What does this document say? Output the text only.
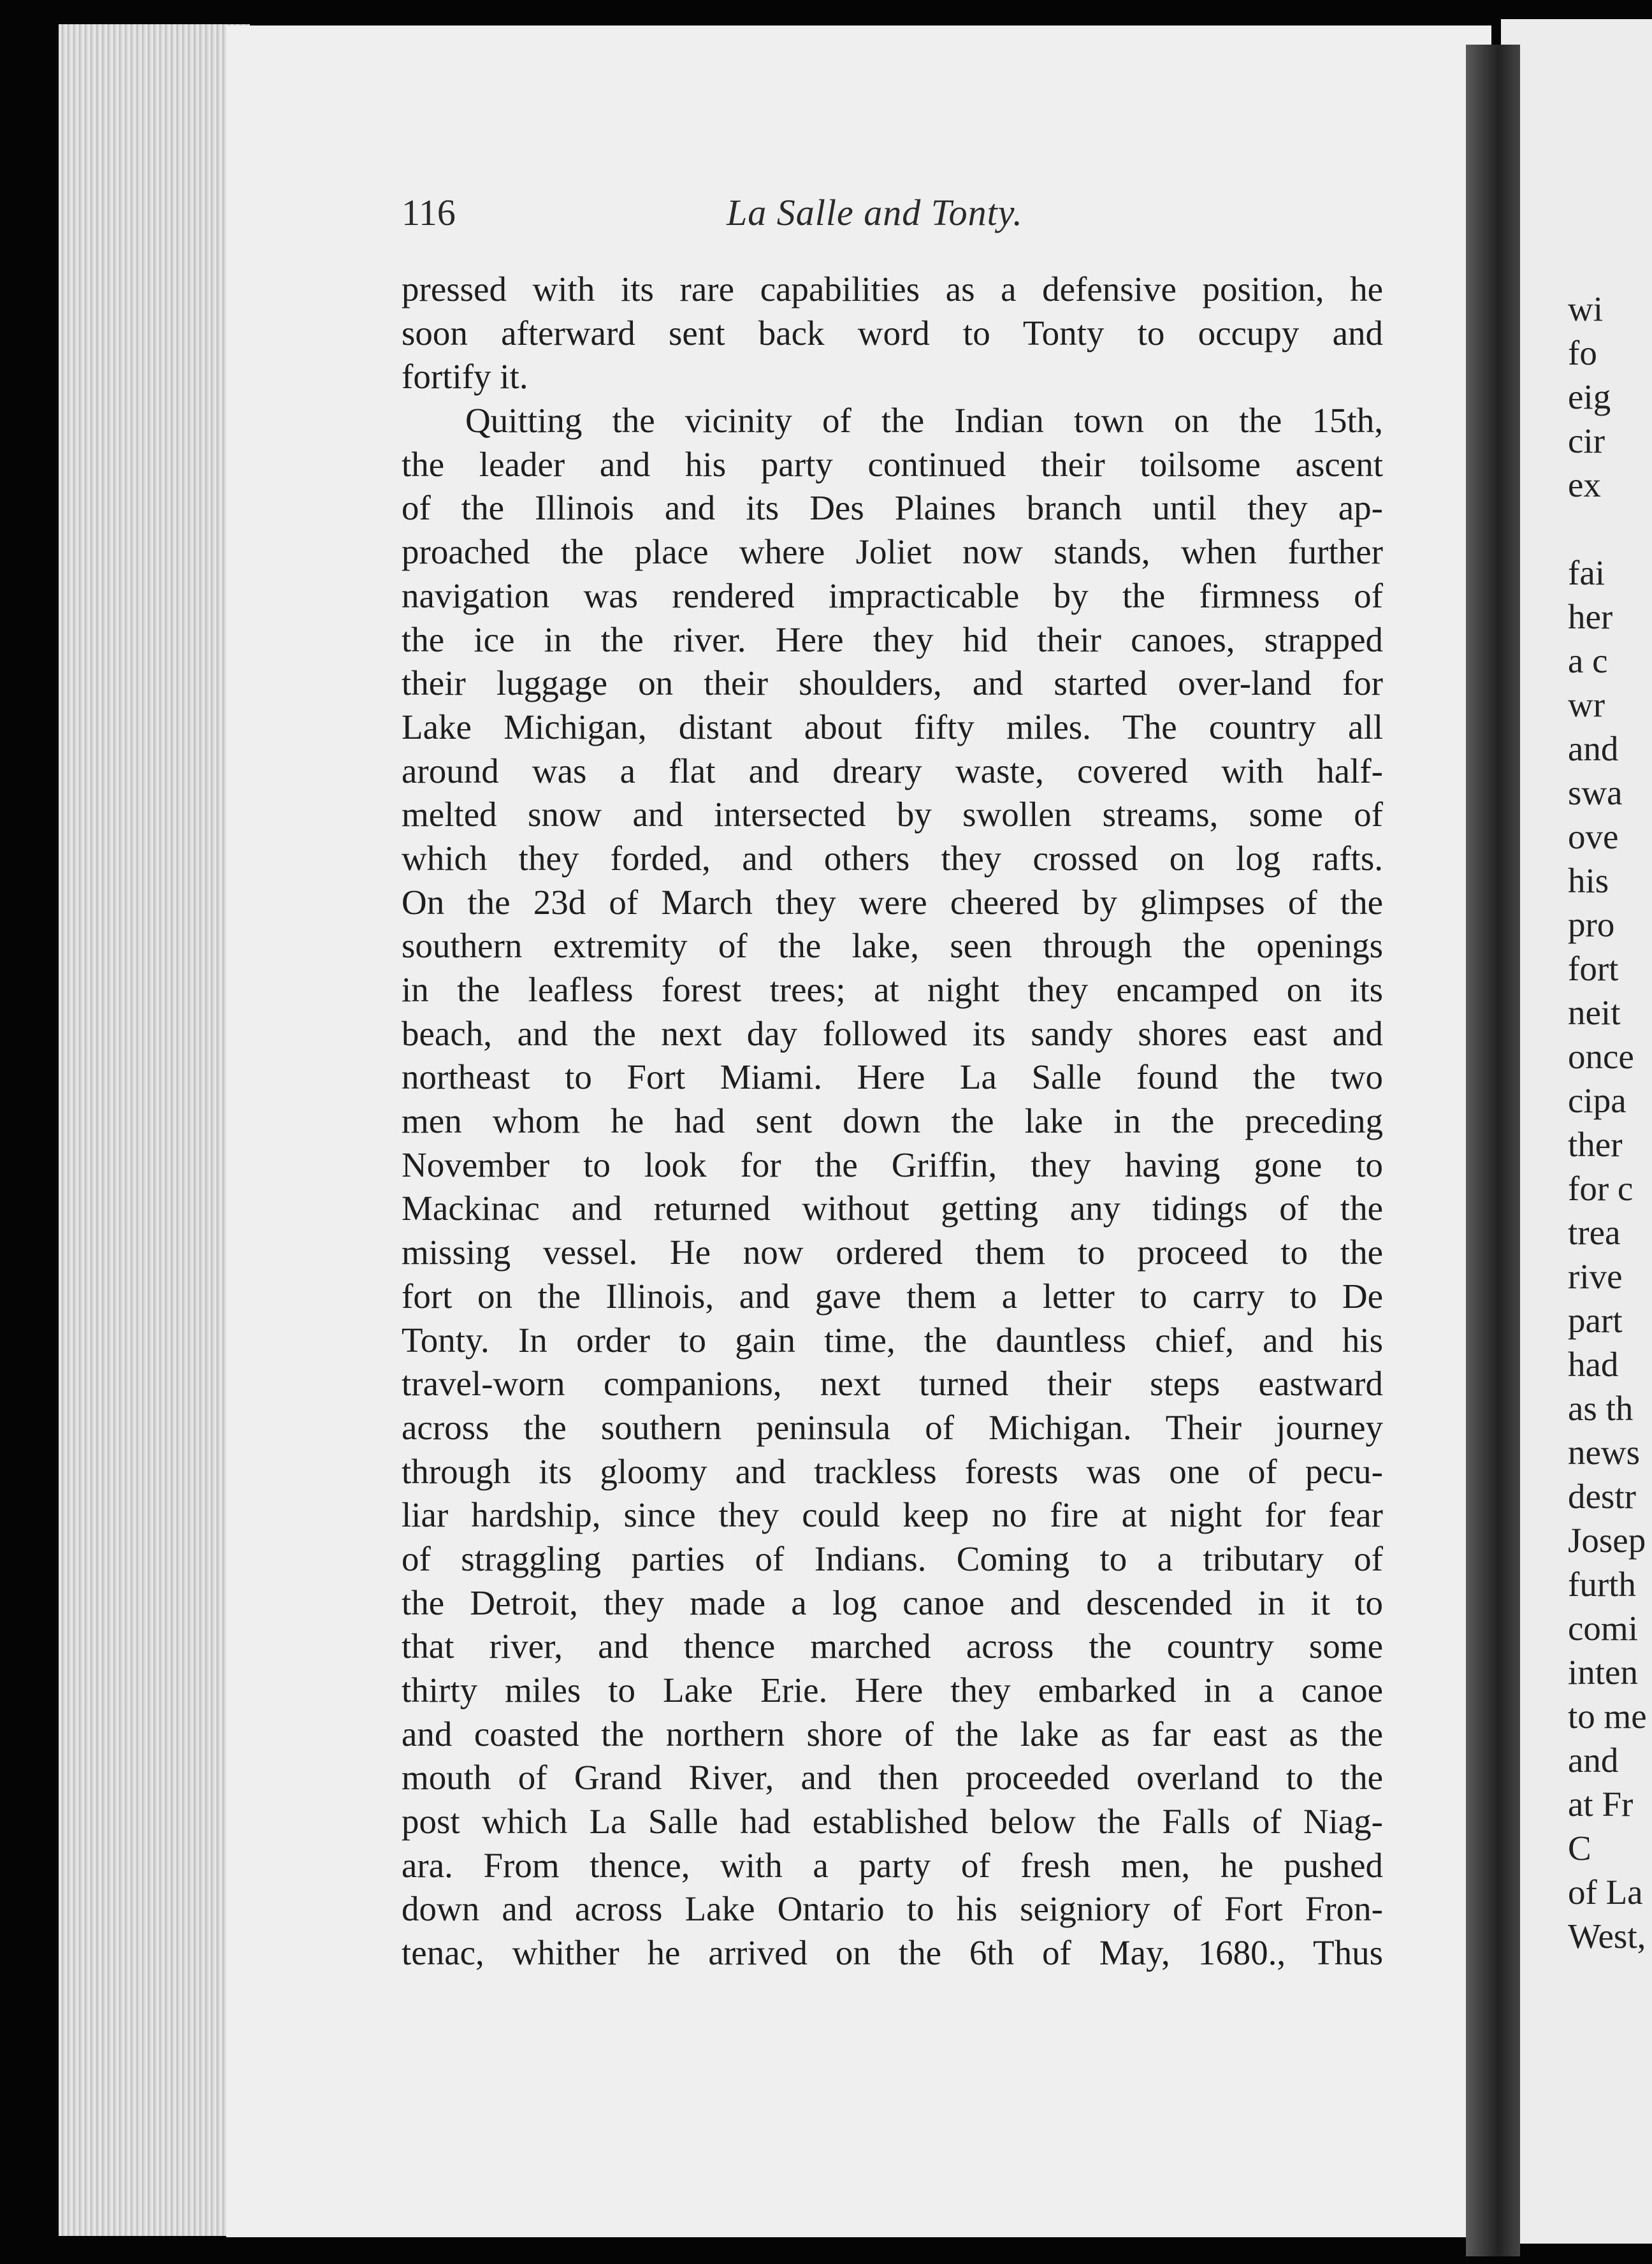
wi
fo
eig
cir
ex
fai
her
a c
wr
and
swa
ove
his
pro
fort
neit
once
cipa
ther
for c
trea
rive
part
had
as th
news
destr
Josep
furth
comi
inten
to me
and
at Fr
C
of La
West,
116	La Salle and Tonty.
pressed with its rare capabilities as a defensive position, he
soon afterward sent back word to Tonty to occupy and
fortify it.
Quitting the vicinity of the Indian town on the 15th,
the leader and his party continued their toilsome ascent
of the Illinois and its Des Plaines branch until they ap-
proached the place where Joliet now stands, when further
navigation was rendered impracticable by the firmness of
the ice in the river. Here they hid their canoes, strapped
their luggage on their shoulders, and started over-land for
Lake Michigan, distant about fifty miles. The country all
around was a flat and dreary waste, covered with half-
melted snow and intersected by swollen streams, some of
which they forded, and others they crossed on log rafts.
On the 23d of March they were cheered by glimpses of the
southern extremity of the lake, seen through the openings
in the leafless forest trees; at night they encamped on its
beach, and the next day followed its sandy shores east and
northeast to Fort Miami. Here La Salle found the two
men whom he had sent down the lake in the preceding
November to look for the Griffin, they having gone to
Mackinac and returned without getting any tidings of the
missing vessel. He now ordered them to proceed to the
fort on the Illinois, and gave them a letter to carry to De
Tonty. In order to gain time, the dauntless chief, and his
travel-worn companions, next turned their steps eastward
across the southern peninsula of Michigan. Their journey
through its gloomy and trackless forests was one of pecu-
liar hardship, since they could keep no fire at night for fear
of straggling parties of Indians. Coming to a tributary of
the Detroit, they made a log canoe and descended in it to
that river, and thence marched across the country some
thirty miles to Lake Erie. Here they embarked in a canoe
and coasted the northern shore of the lake as far east as the
mouth of Grand River, and then proceeded overland to the
post which La Salle had established below the Falls of Niag-
ara. From thence, with a party of fresh men, he pushed
down and across Lake Ontario to his seigniory of Fort Fron-
tenac, whither he arrived on the 6th of May, 1680., Thus
